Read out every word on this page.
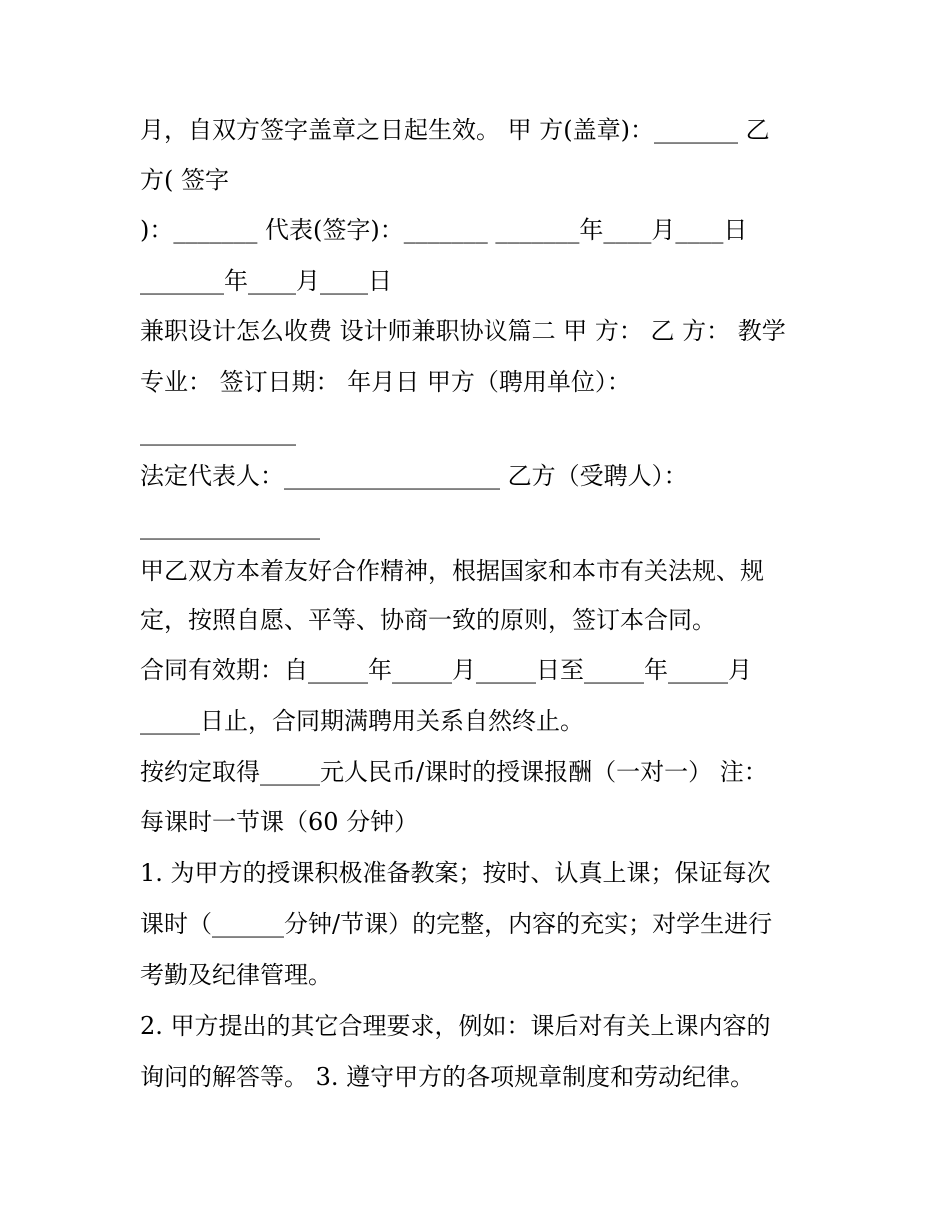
月，自双方签字盖章之日起生效。 甲 方(盖章)：_______ 乙
方( 签字
)：_______ 代表(签字)：_______ _______年____月____日
_______年____月____日
兼职设计怎么收费 设计师兼职协议篇二 甲 方： 乙 方： 教学
专业： 签订日期： 年月日 甲方（聘用单位）：
_____________
法定代表人：__________________ 乙方（受聘人）：
_______________
甲乙双方本着友好合作精神，根据国家和本市有关法规、规
定，按照自愿、平等、协商一致的原则，签订本合同。
合同有效期：自_____年_____月_____日至_____年_____月
_____日止，合同期满聘用关系自然终止。
按约定取得_____元人民币/课时的授课报酬（一对一） 注：
每课时一节课（60 分钟）
1. 为甲方的授课积极准备教案；按时、认真上课；保证每次
课时（______分钟/节课）的完整，内容的充实；对学生进行
考勤及纪律管理。
2. 甲方提出的其它合理要求，例如：课后对有关上课内容的
询问的解答等。 3. 遵守甲方的各项规章制度和劳动纪律。
